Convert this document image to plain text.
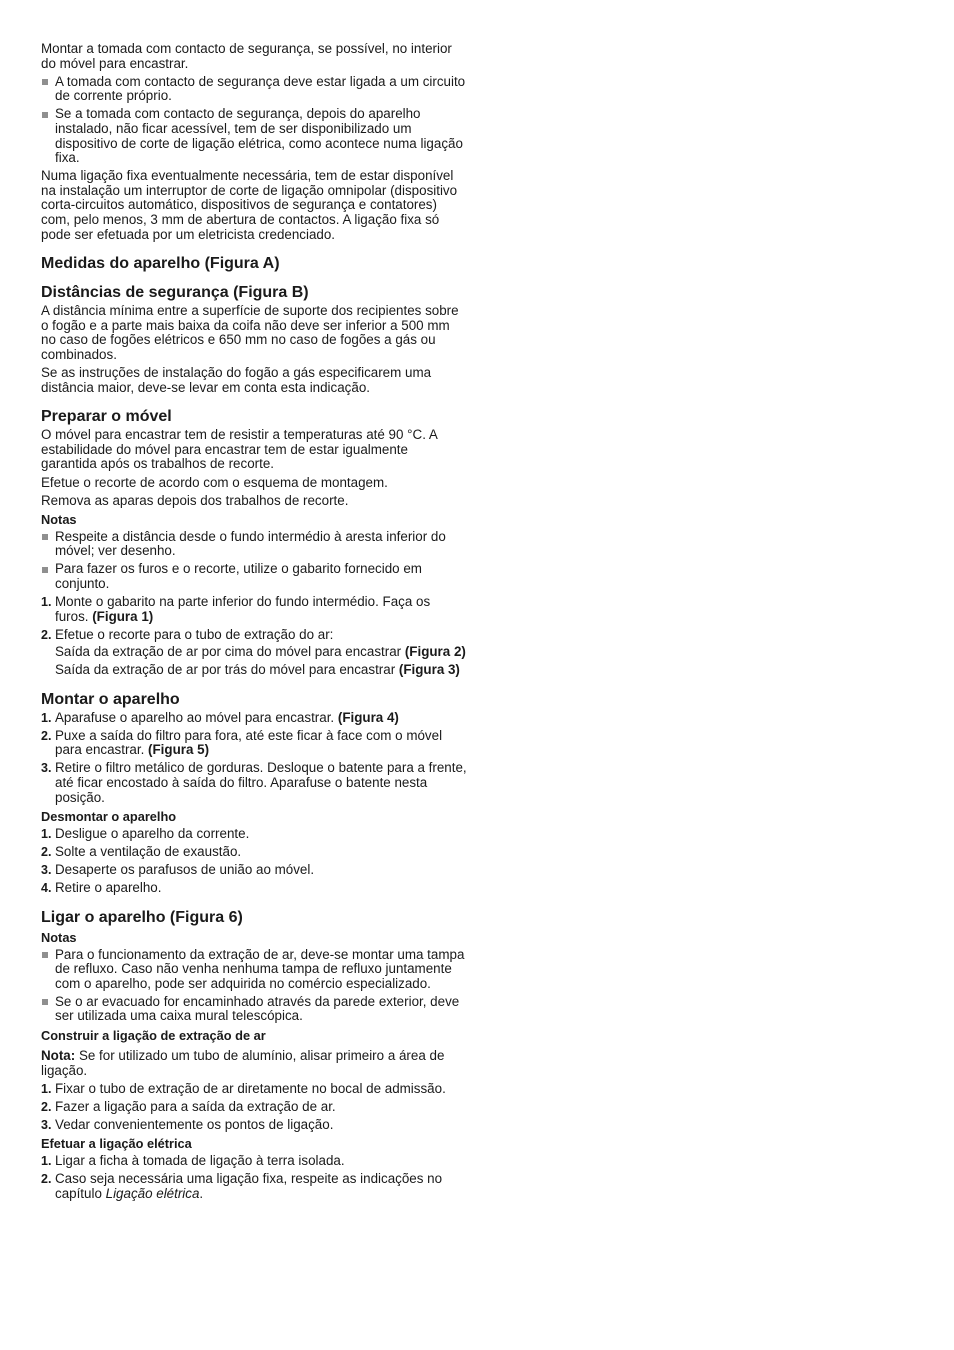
Montar a tomada com contacto de segurança, se possível, no interior do móvel para encastrar.

A tomada com contacto de segurança deve estar ligada a um circuito de corrente próprio.
Se a tomada com contacto de segurança, depois do aparelho instalado, não ficar acessível, tem de ser disponibilizado um dispositivo de corte de ligação elétrica, como acontece numa ligação fixa.

Numa ligação fixa eventualmente necessária, tem de estar disponível na instalação um interruptor de corte de ligação omnipolar (dispositivo corta-circuitos automático, dispositivos de segurança e contatores) com, pelo menos, 3 mm de abertura de contactos. A ligação fixa só pode ser efetuada por um eletricista credenciado.

Medidas do aparelho (Figura A)
Distâncias de segurança (Figura B)

A distância mínima entre a superfície de suporte dos recipientes sobre o fogão e a parte mais baixa da coifa não deve ser inferior a 500 mm no caso de fogões elétricos e 650 mm no caso de fogões a gás ou combinados.

Se as instruções de instalação do fogão a gás especificarem uma distância maior, deve-se levar em conta esta indicação.

Preparar o móvel

O móvel para encastrar tem de resistir a temperaturas até 90 °C. A estabilidade do móvel para encastrar tem de estar igualmente garantida após os trabalhos de recorte.

Efetue o recorte de acordo com o esquema de montagem.

Remova as aparas depois dos trabalhos de recorte.

Notas
Respeite a distância desde o fundo intermédio à aresta inferior do móvel; ver desenho.
Para fazer os furos e o recorte, utilize o gabarito fornecido em conjunto.
1. Monte o gabarito na parte inferior do fundo intermédio. Faça os furos. (Figura 1)
2. Efetue o recorte para o tubo de extração do ar:

Saída da extração de ar por cima do móvel para encastrar (Figura 2)

Saída da extração de ar por trás do móvel para encastrar (Figura 3)

Montar o aparelho
1. Aparafuse o aparelho ao móvel para encastrar. (Figura 4)
2. Puxe a saída do filtro para fora, até este ficar à face com o móvel para encastrar. (Figura 5)
3. Retire o filtro metálico de gorduras. Desloque o batente para a frente, até ficar encostado à saída do filtro. Aparafuse o batente nesta posição.
Desmontar o aparelho
1. Desligue o aparelho da corrente.
2. Solte a ventilação de exaustão.
3. Desaperte os parafusos de união ao móvel.
4. Retire o aparelho.
Ligar o aparelho (Figura 6)
Notas
Para o funcionamento da extração de ar, deve-se montar uma tampa de refluxo. Caso não venha nenhuma tampa de refluxo juntamente com o aparelho, pode ser adquirida no comércio especializado.
Se o ar evacuado for encaminhado através da parede exterior, deve ser utilizada uma caixa mural telescópica.
Construir a ligação de extração de ar

Nota: Se for utilizado um tubo de alumínio, alisar primeiro a área de ligação.

1. Fixar o tubo de extração de ar diretamente no bocal de admissão.
2. Fazer a ligação para a saída da extração de ar.
3. Vedar convenientemente os pontos de ligação.
Efetuar a ligação elétrica
1. Ligar a ficha à tomada de ligação à terra isolada.
2. Caso seja necessária uma ligação fixa, respeite as indicações no capítulo Ligação elétrica.
